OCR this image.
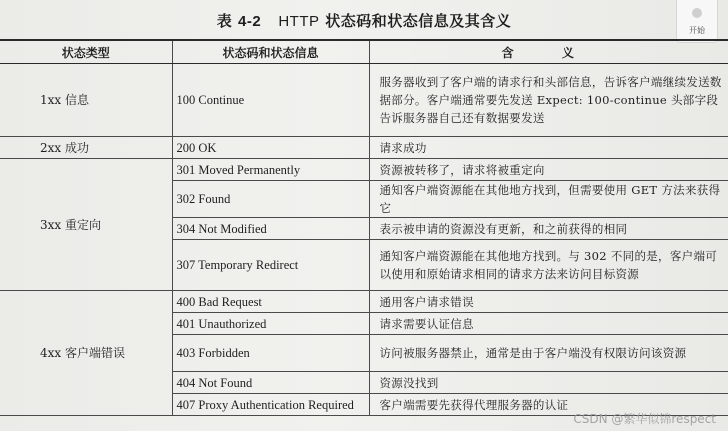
表 4-2 HTTP 状态码和状态信息及其含义
开始
状态类型	状态码和状态信息	含 义
1xx 信息	100 Continue	服务器收到了客户端的请求行和头部信息，告诉客户端继续发送数据部分。客户端通常要先发送 Expect: 100-continue 头部字段告诉服务器自己还有数据要发送
2xx 成功	200 OK	请求成功
3xx 重定向	301 Moved Permanently	资源被转移了，请求将被重定向
	302 Found	通知客户端资源能在其他地方找到，但需要使用 GET 方法来获得它
	304 Not Modified	表示被申请的资源没有更新，和之前获得的相同
	307 Temporary Redirect	通知客户端资源能在其他地方找到。与 302 不同的是，客户端可以使用和原始请求相同的请求方法来访问目标资源
4xx 客户端错误	400 Bad Request	通用客户请求错误
	401 Unauthorized	请求需要认证信息
	403 Forbidden	访问被服务器禁止，通常是由于客户端没有权限访问该资源
	404 Not Found	资源没找到
	407 Proxy Authentication Required	客户端需要先获得代理服务器的认证
CSDN @繁华似锦respect
